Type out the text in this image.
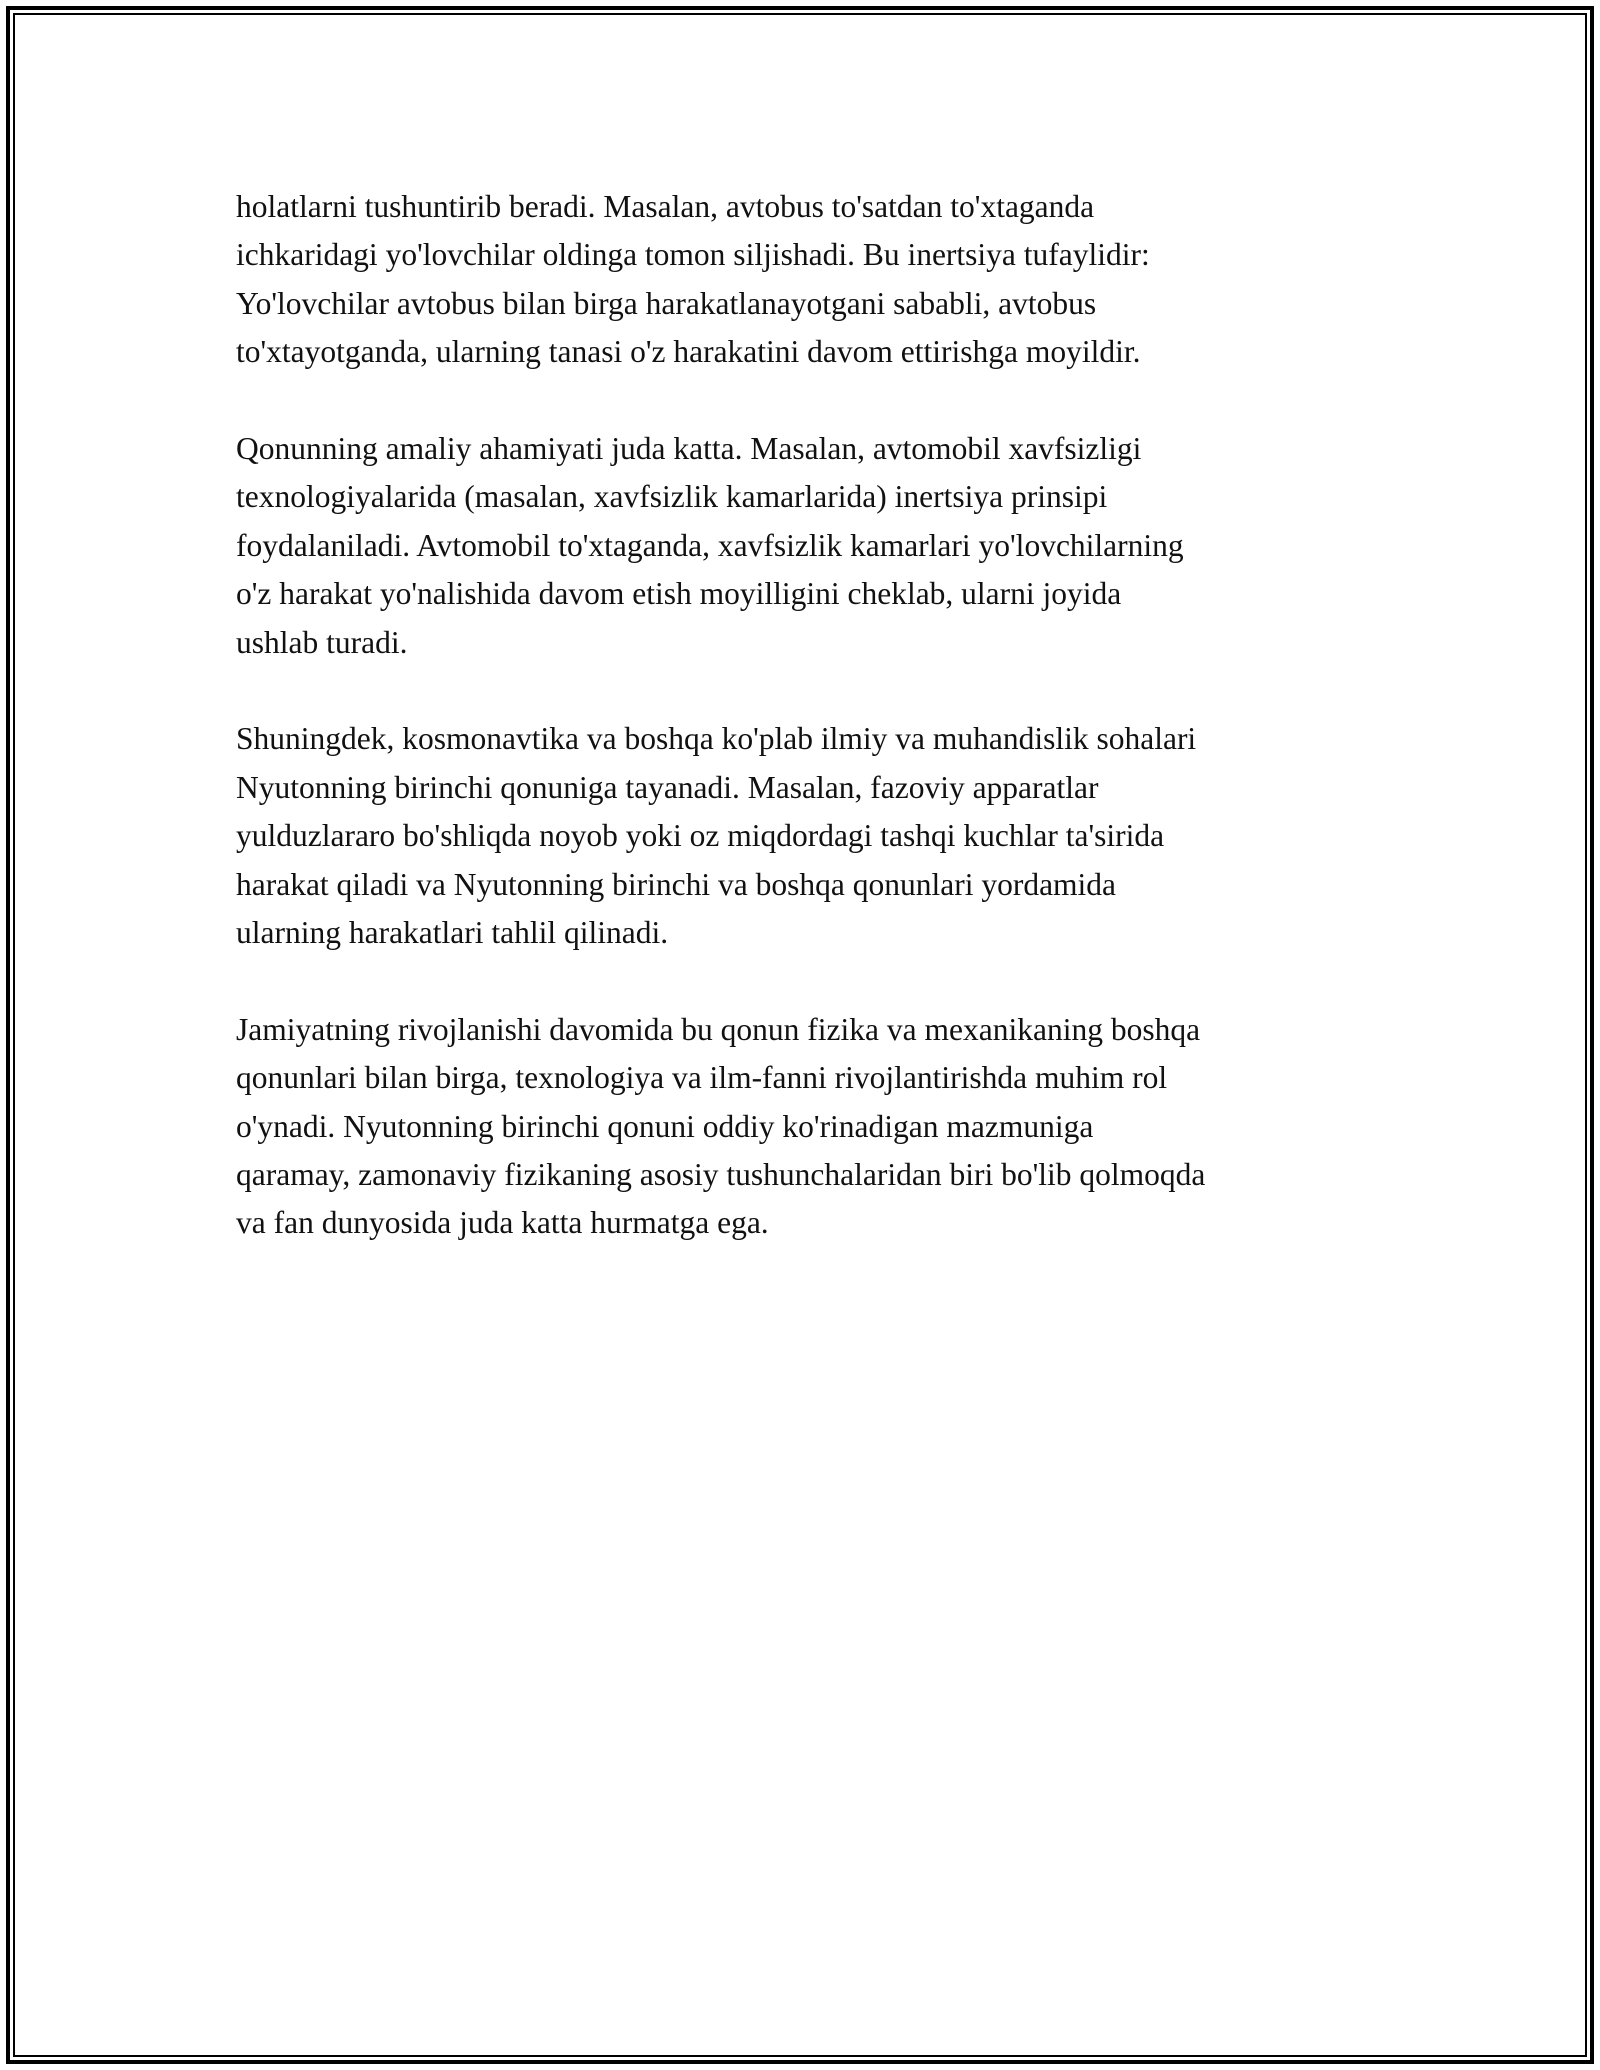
holatlarni tushuntirib beradi. Masalan, avtobus to'satdan to'xtaganda
ichkaridagi yo'lovchilar oldinga tomon siljishadi. Bu inertsiya tufaylidir:
Yo'lovchilar avtobus bilan birga harakatlanayotgani sababli, avtobus
to'xtayotganda, ularning tanasi o'z harakatini davom ettirishga moyildir.

Qonunning amaliy ahamiyati juda katta. Masalan, avtomobil xavfsizligi
texnologiyalarida (masalan, xavfsizlik kamarlarida) inertsiya prinsipi
foydalaniladi. Avtomobil to'xtaganda, xavfsizlik kamarlari yo'lovchilarning
o'z harakat yo'nalishida davom etish moyilligini cheklab, ularni joyida
ushlab turadi.

Shuningdek, kosmonavtika va boshqa ko'plab ilmiy va muhandislik sohalari
Nyutonning birinchi qonuniga tayanadi. Masalan, fazoviy apparatlar
yulduzlararo bo'shliqda noyob yoki oz miqdordagi tashqi kuchlar ta'sirida
harakat qiladi va Nyutonning birinchi va boshqa qonunlari yordamida
ularning harakatlari tahlil qilinadi.

Jamiyatning rivojlanishi davomida bu qonun fizika va mexanikaning boshqa
qonunlari bilan birga, texnologiya va ilm-fanni rivojlantirishda muhim rol
o'ynadi. Nyutonning birinchi qonuni oddiy ko'rinadigan mazmuniga
qaramay, zamonaviy fizikaning asosiy tushunchalaridan biri bo'lib qolmoqda
va fan dunyosida juda katta hurmatga ega.
